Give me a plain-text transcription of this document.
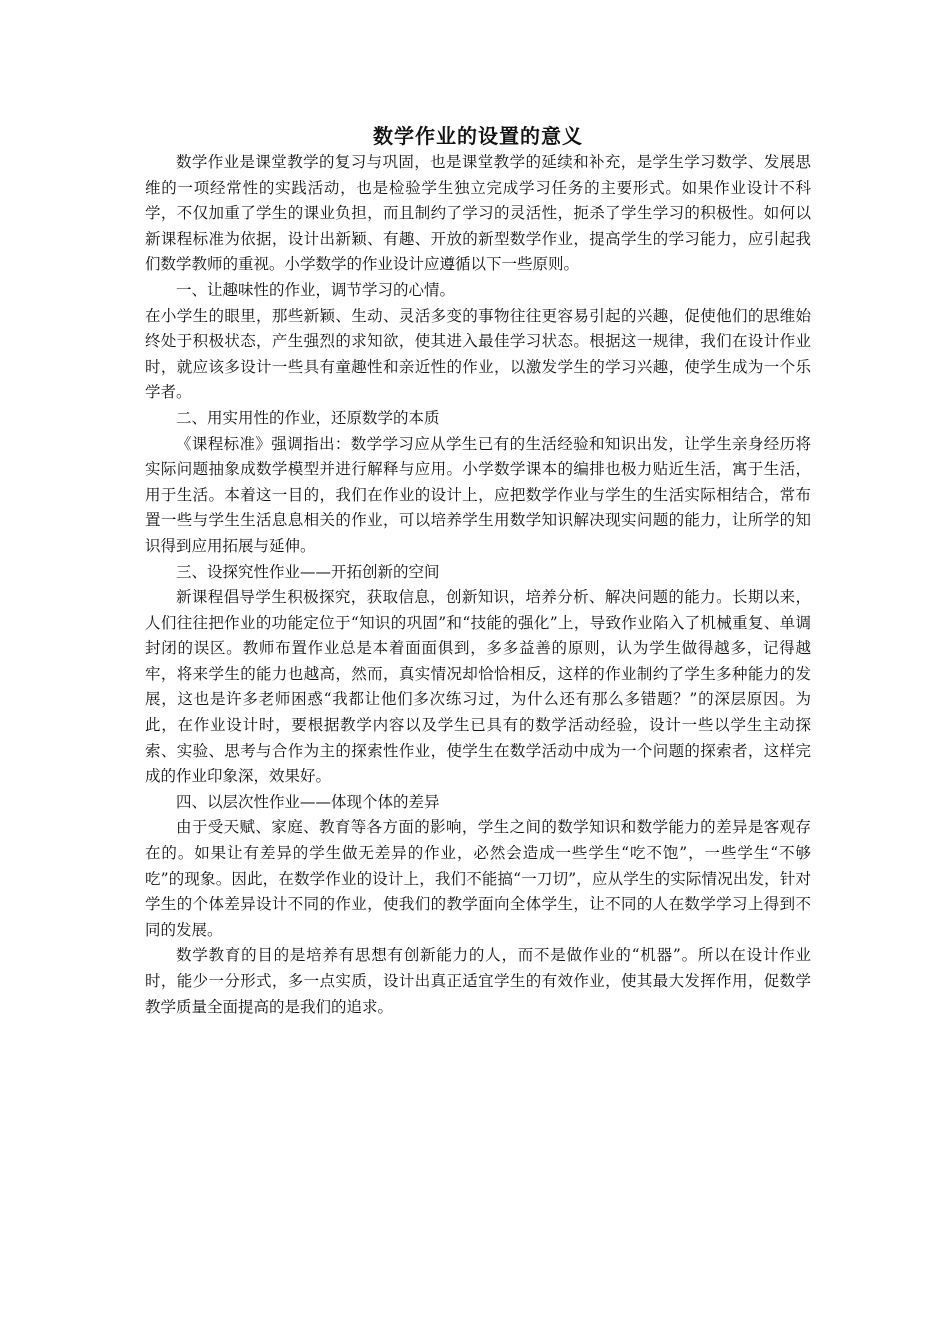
数学作业的设置的意义

数学作业是课堂教学的复习与巩固，也是课堂教学的延续和补充，是学生学习数学、发展思维的一项经常性的实践活动，也是检验学生独立完成学习任务的主要形式。如果作业设计不科学，不仅加重了学生的课业负担，而且制约了学习的灵活性，扼杀了学生学习的积极性。如何以新课程标准为依据，设计出新颖、有趣、开放的新型数学作业，提高学生的学习能力，应引起我们数学教师的重视。小学数学的作业设计应遵循以下一些原则。

一、让趣味性的作业，调节学习的心情。

在小学生的眼里，那些新颖、生动、灵活多变的事物往往更容易引起的兴趣，促使他们的思维始终处于积极状态，产生强烈的求知欲，使其进入最佳学习状态。根据这一规律，我们在设计作业时，就应该多设计一些具有童趣性和亲近性的作业，以激发学生的学习兴趣，使学生成为一个乐学者。

二、用实用性的作业，还原数学的本质

《课程标准》强调指出：数学学习应从学生已有的生活经验和知识出发，让学生亲身经历将实际问题抽象成数学模型并进行解释与应用。小学数学课本的编排也极力贴近生活，寓于生活，用于生活。本着这一目的，我们在作业的设计上，应把数学作业与学生的生活实际相结合，常布置一些与学生生活息息相关的作业，可以培养学生用数学知识解决现实问题的能力，让所学的知识得到应用拓展与延伸。

三、设探究性作业——开拓创新的空间

新课程倡导学生积极探究，获取信息，创新知识，培养分析、解决问题的能力。长期以来，人们往往把作业的功能定位于“知识的巩固”和“技能的强化”上，导致作业陷入了机械重复、单调封闭的误区。教师布置作业总是本着面面俱到，多多益善的原则，认为学生做得越多，记得越牢，将来学生的能力也越高，然而，真实情况却恰恰相反，这样的作业制约了学生多种能力的发展，这也是许多老师困惑“我都让他们多次练习过，为什么还有那么多错题？”的深层原因。为此，在作业设计时，要根据教学内容以及学生已具有的数学活动经验，设计一些以学生主动探索、实验、思考与合作为主的探索性作业，使学生在数学活动中成为一个问题的探索者，这样完成的作业印象深，效果好。

四、以层次性作业——体现个体的差异

由于受天赋、家庭、教育等各方面的影响，学生之间的数学知识和数学能力的差异是客观存在的。如果让有差异的学生做无差异的作业，必然会造成一些学生“吃不饱”，一些学生“不够吃”的现象。因此，在数学作业的设计上，我们不能搞“一刀切”，应从学生的实际情况出发，针对学生的个体差异设计不同的作业，使我们的教学面向全体学生，让不同的人在数学学习上得到不同的发展。

数学教育的目的是培养有思想有创新能力的人，而不是做作业的“机器”。所以在设计作业时，能少一分形式，多一点实质，设计出真正适宜学生的有效作业，使其最大发挥作用，促数学教学质量全面提高的是我们的追求。
